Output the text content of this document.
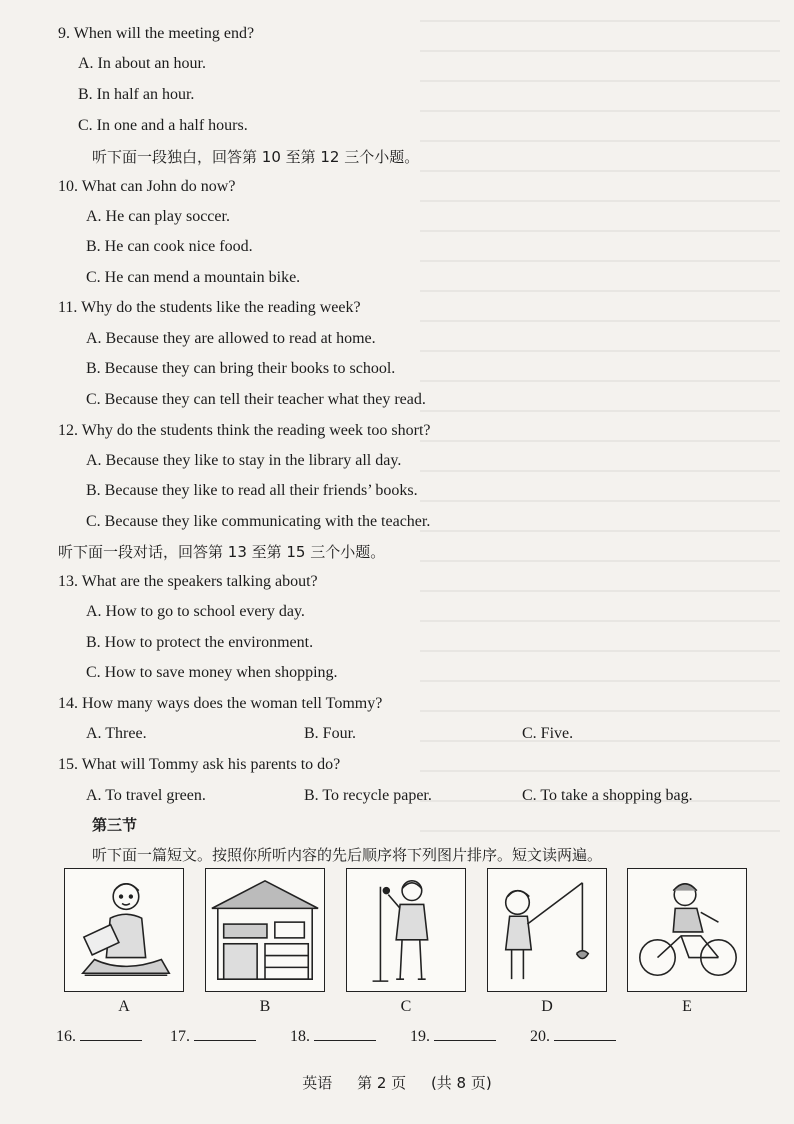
9. When will the meeting end?
A. In about an hour.
B. In half an hour.
C. In one and a half hours.
听下面一段独白，回答第 10 至第 12 三个小题。
10. What can John do now?
A. He can play soccer.
B. He can cook nice food.
C. He can mend a mountain bike.
11. Why do the students like the reading week?
A. Because they are allowed to read at home.
B. Because they can bring their books to school.
C. Because they can tell their teacher what they read.
12. Why do the students think the reading week too short?
A. Because they like to stay in the library all day.
B. Because they like to read all their friends’ books.
C. Because they like communicating with the teacher.
听下面一段对话，回答第 13 至第 15 三个小题。
13. What are the speakers talking about?
A. How to go to school every day.
B. How to protect the environment.
C. How to save money when shopping.
14. How many ways does the woman tell Tommy?
A. Three.	B. Four.	C. Five.
15. What will Tommy ask his parents to do?
A. To travel green.	B. To recycle paper.	C. To take a shopping bag.
第三节
听下面一篇短文。按照你所听内容的先后顺序将下列图片排序。短文读两遍。
A	B	C	D	E
16.	17.	18.	19.	20.
英语 第 2 页 (共 8 页)
